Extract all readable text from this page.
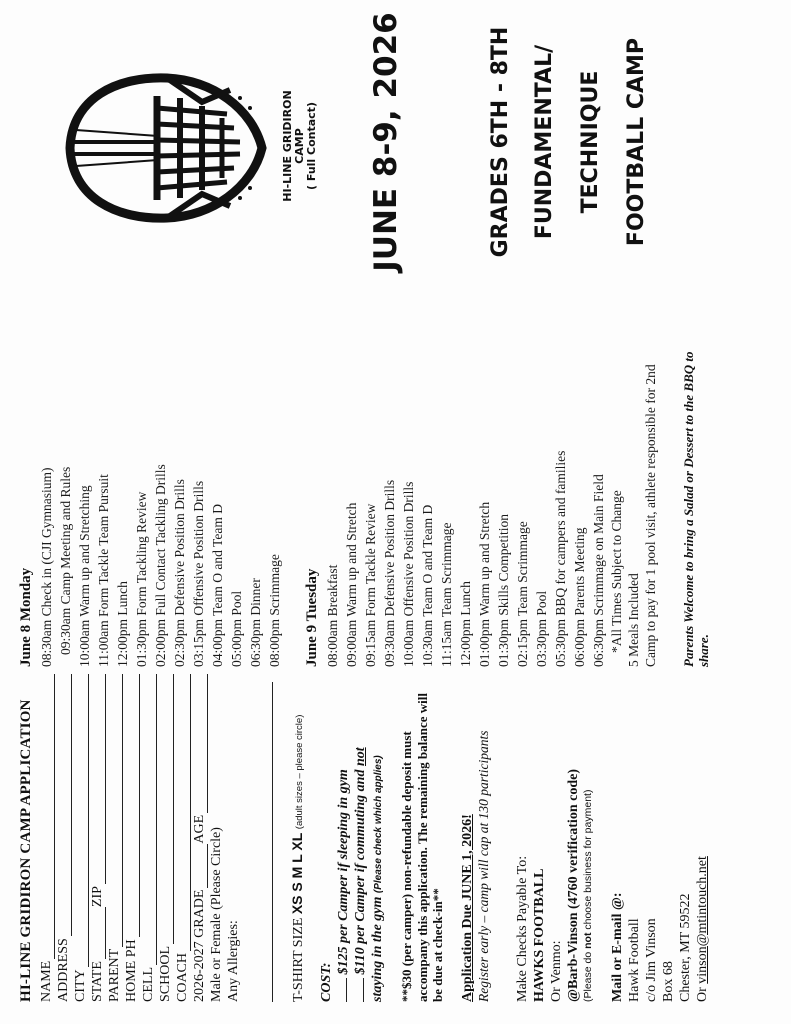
HI-LINE GRIDIRON CAMP APPLICATION NAME ADDRESS CITY STATE
ZIP
PARENT HOME PH CELL SCHOOL COACH 2026-2027 GRADE
AGE Male or Female (Please Circle) Any Allergies:	T-SHIRT SIZE XS S M L XL (adult sizes – please circle)
COST:
$125 per Camper if sleeping in gym $110 per Camper if commuting and not
staying in the gym (Please check which applies) **$30 (per camper) non-refundable deposit must accompany this application. The remaining balance will be due at check-in** Application Due JUNE 1, 2026! Register early – camp will cap at 130 participants Make Checks Payable To: HAWKS FOOTBALL Or Venmo: @Barb-Vinson (4760 verification code) (Please do not choose business for payment)
Mail or E-mail @: Hawk Football c/o Jim Vinson Box 68 Chester, MT 59522 Or vinson@mtintouch.net
June 8 Monday 08:30am Check in (CJI Gymnasium) 09:30am Camp Meeting and Rules 10:00am Warm up and Stretching 11:00am Form Tackle Team Pursuit 12:00pm Lunch 01:30pm Form Tackling Review 02:00pm Full Contact Tackling Drills 02:30pm Defensive Position Drills 03:15pm Offensive Position Drills 04:00pm Team O and Team D 05:00pm Pool 06:30pm Dinner 08:00pm Scrimmage June 9 Tuesday 08:00am Breakfast 09:00am Warm up and Stretch 09:15am Form Tackle Review 09:30am Defensive Position Drills 10:00am Offensive Position Drills 10:30am Team O and Team D 11:15am Team Scrimmage 12:00pm Lunch 01:00pm Warm up and Stretch 01:30pm Skills Competition 02:15pm Team Scrimmage 03:30pm Pool 05:30pm BBQ for campers and families 06:00pm Parents Meeting 06:30pm Scrimmage on Main Field *All Times Subject to Change 5 Meals Included Camp to pay for 1 pool visit, athlete responsible for 2nd Parents Welcome to bring a Salad or Dessert to the BBQ to share.
HI-LINE GRIDIRON CAMP ( Full Contact) JUNE 8-9, 2026	GRADES 6TH - 8TH FUNDAMENTAL/ TECHNIQUE FOOTBALL CAMP
